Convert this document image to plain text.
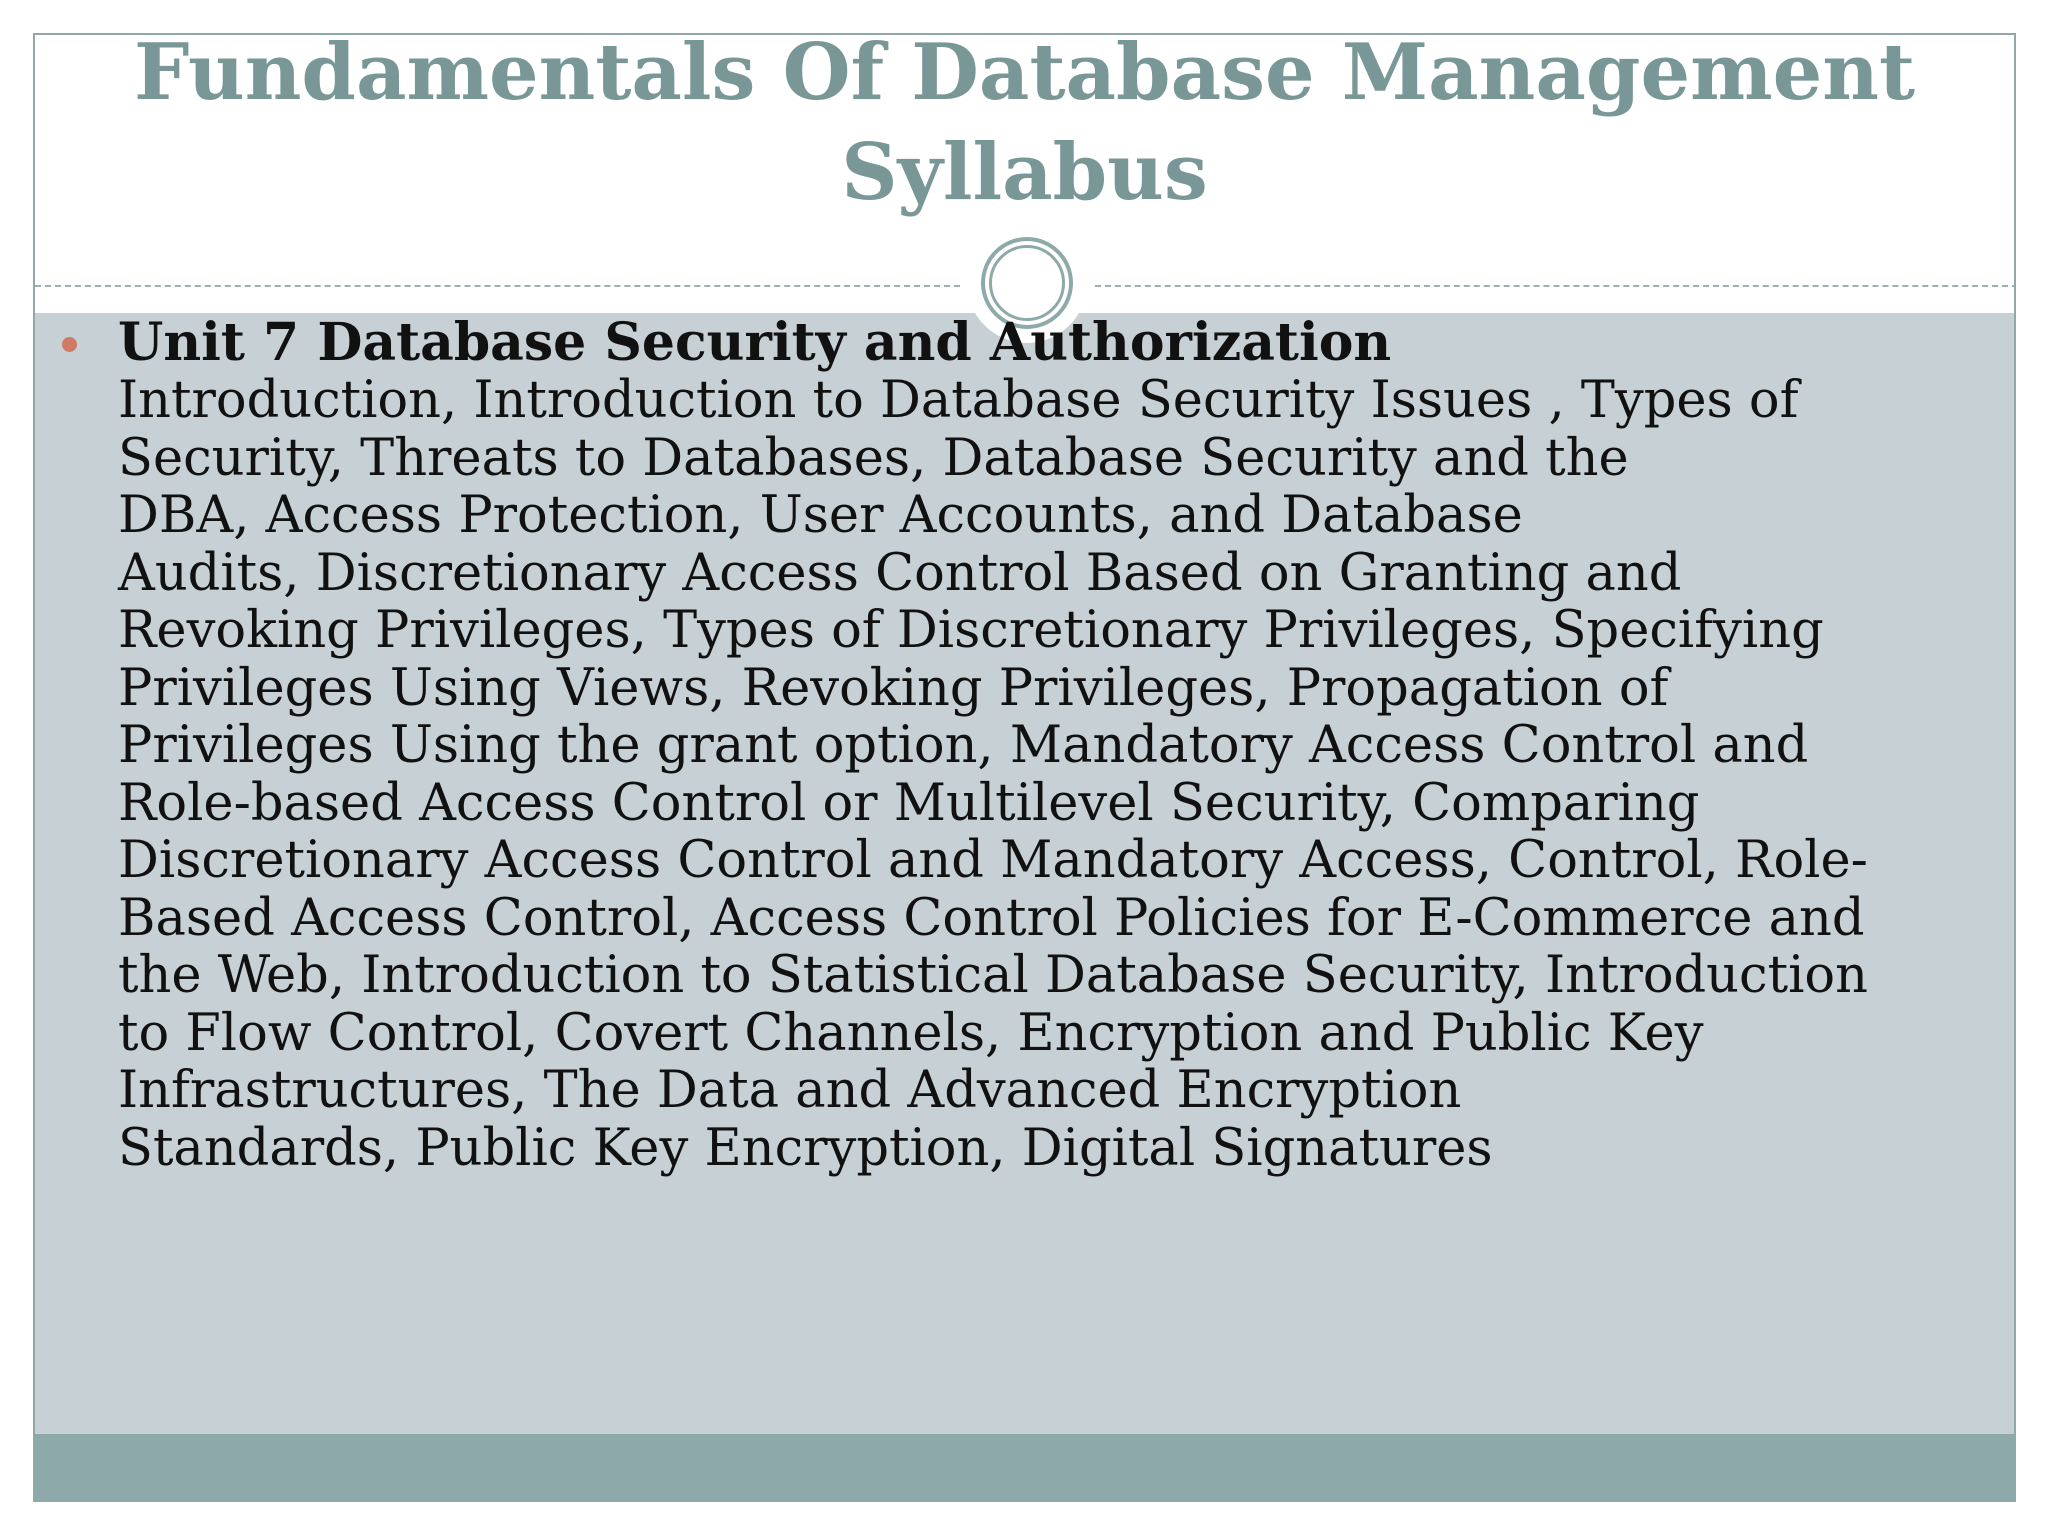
Fundamentals Of Database Management
Syllabus

Unit 7 Database Security and Authorization

Introduction, Introduction to Database Security Issues , Types of
Security, Threats to Databases, Database Security and the
DBA, Access Protection, User Accounts, and Database
Audits, Discretionary Access Control Based on Granting and
Revoking Privileges, Types of Discretionary Privileges, Specifying
Privileges Using Views, Revoking Privileges, Propagation of
Privileges Using the grant option, Mandatory Access Control and
Role-based Access Control or Multilevel Security, Comparing
Discretionary Access Control and Mandatory Access, Control, Role-
Based Access Control, Access Control Policies for E-Commerce and
the Web, Introduction to Statistical Database Security, Introduction
to Flow Control, Covert Channels, Encryption and Public Key
Infrastructures, The Data and Advanced Encryption
Standards, Public Key Encryption, Digital Signatures
